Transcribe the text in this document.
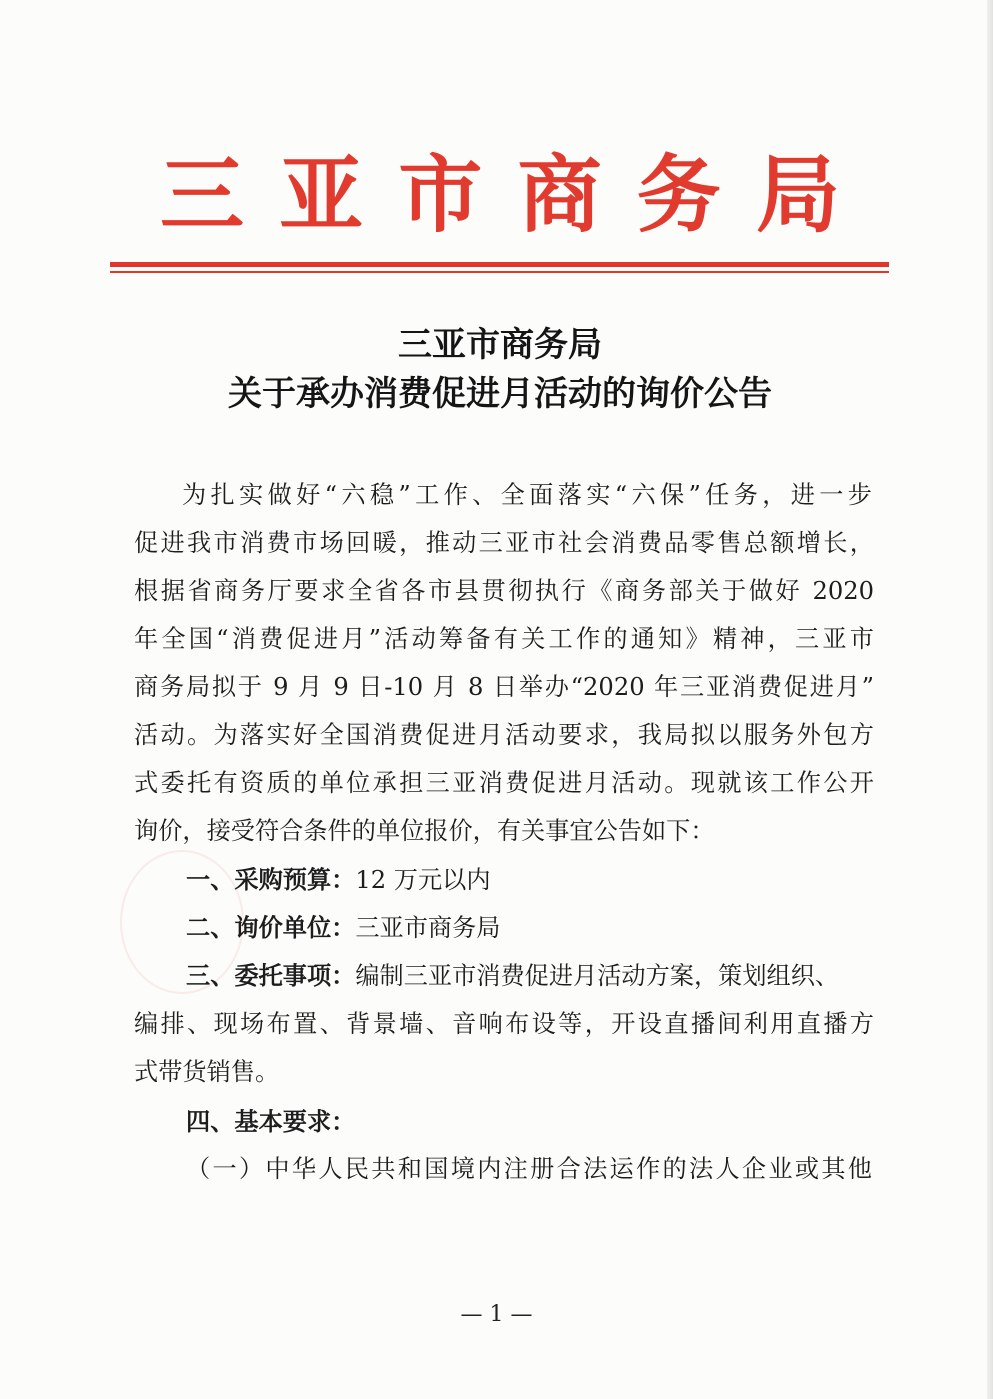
三 亚 市 商 务 局
三亚市商务局
关于承办消费促进月活动的询价公告
为扎实做好“六稳”工作、全面落实“六保”任务，进一步
促进我市消费市场回暖，推动三亚市社会消费品零售总额增长，
根据省商务厅要求全省各市县贯彻执行《商务部关于做好 2020
年全国“消费促进月”活动筹备有关工作的通知》精神，三亚市
商务局拟于 9 月 9 日-10 月 8 日举办“2020 年三亚消费促进月”
活动。为落实好全国消费促进月活动要求，我局拟以服务外包方
式委托有资质的单位承担三亚消费促进月活动。现就该工作公开
询价，接受符合条件的单位报价，有关事宜公告如下：
一、采购预算：12 万元以内
二、询价单位：三亚市商务局
三、委托事项：编制三亚市消费促进月活动方案，策划组织、
编排、现场布置、背景墙、音响布设等，开设直播间利用直播方
式带货销售。
四、基本要求：
（一）中华人民共和国境内注册合法运作的法人企业或其他
— 1 —
